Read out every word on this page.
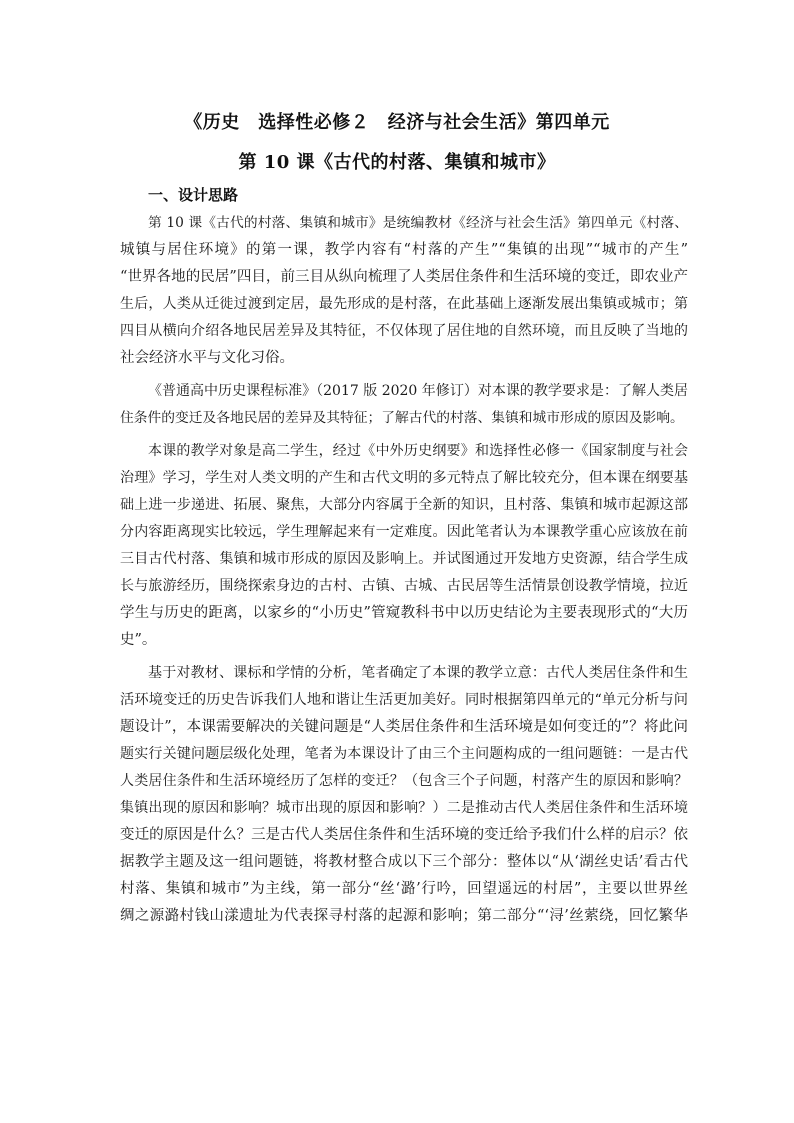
《历史　选择性必修２　经济与社会生活》第四单元
第 10 课《古代的村落、集镇和城市》
一、设计思路
第 10 课《古代的村落、集镇和城市》是统编教材《经济与社会生活》第四单元《村落、
城镇与居住环境》的第一课，教学内容有“村落的产生”“集镇的出现”“城市的产生”
“世界各地的民居”四目，前三目从纵向梳理了人类居住条件和生活环境的变迁，即农业产
生后，人类从迁徙过渡到定居，最先形成的是村落，在此基础上逐渐发展出集镇或城市；第
四目从横向介绍各地民居差异及其特征，不仅体现了居住地的自然环境，而且反映了当地的
社会经济水平与文化习俗。
《普通高中历史课程标准》（2017 版 2020 年修订）对本课的教学要求是：了解人类居
住条件的变迁及各地民居的差异及其特征；了解古代的村落、集镇和城市形成的原因及影响。
本课的教学对象是高二学生，经过《中外历史纲要》和选择性必修一《国家制度与社会
治理》学习，学生对人类文明的产生和古代文明的多元特点了解比较充分，但本课在纲要基
础上进一步递进、拓展、聚焦，大部分内容属于全新的知识，且村落、集镇和城市起源这部
分内容距离现实比较远，学生理解起来有一定难度。因此笔者认为本课教学重心应该放在前
三目古代村落、集镇和城市形成的原因及影响上。并试图通过开发地方史资源，结合学生成
长与旅游经历，围绕探索身边的古村、古镇、古城、古民居等生活情景创设教学情境，拉近
学生与历史的距离，以家乡的“小历史”管窥教科书中以历史结论为主要表现形式的“大历
史”。
基于对教材、课标和学情的分析，笔者确定了本课的教学立意：古代人类居住条件和生
活环境变迁的历史告诉我们人地和谐让生活更加美好。同时根据第四单元的“单元分析与问
题设计”，本课需要解决的关键问题是“人类居住条件和生活环境是如何变迁的”？将此问
题实行关键问题层级化处理，笔者为本课设计了由三个主问题构成的一组问题链：一是古代
人类居住条件和生活环境经历了怎样的变迁？（包含三个子问题，村落产生的原因和影响？
集镇出现的原因和影响？城市出现的原因和影响？）二是推动古代人类居住条件和生活环境
变迁的原因是什么？三是古代人类居住条件和生活环境的变迁给予我们什么样的启示？依
据教学主题及这一组问题链，将教材整合成以下三个部分：整体以“从‘湖丝史话’看古代
村落、集镇和城市”为主线，第一部分“丝‘潞’行吟，回望遥远的村居”，主要以世界丝
绸之源潞村钱山漾遗址为代表探寻村落的起源和影响；第二部分“‘浔’丝萦绕，回忆繁华
